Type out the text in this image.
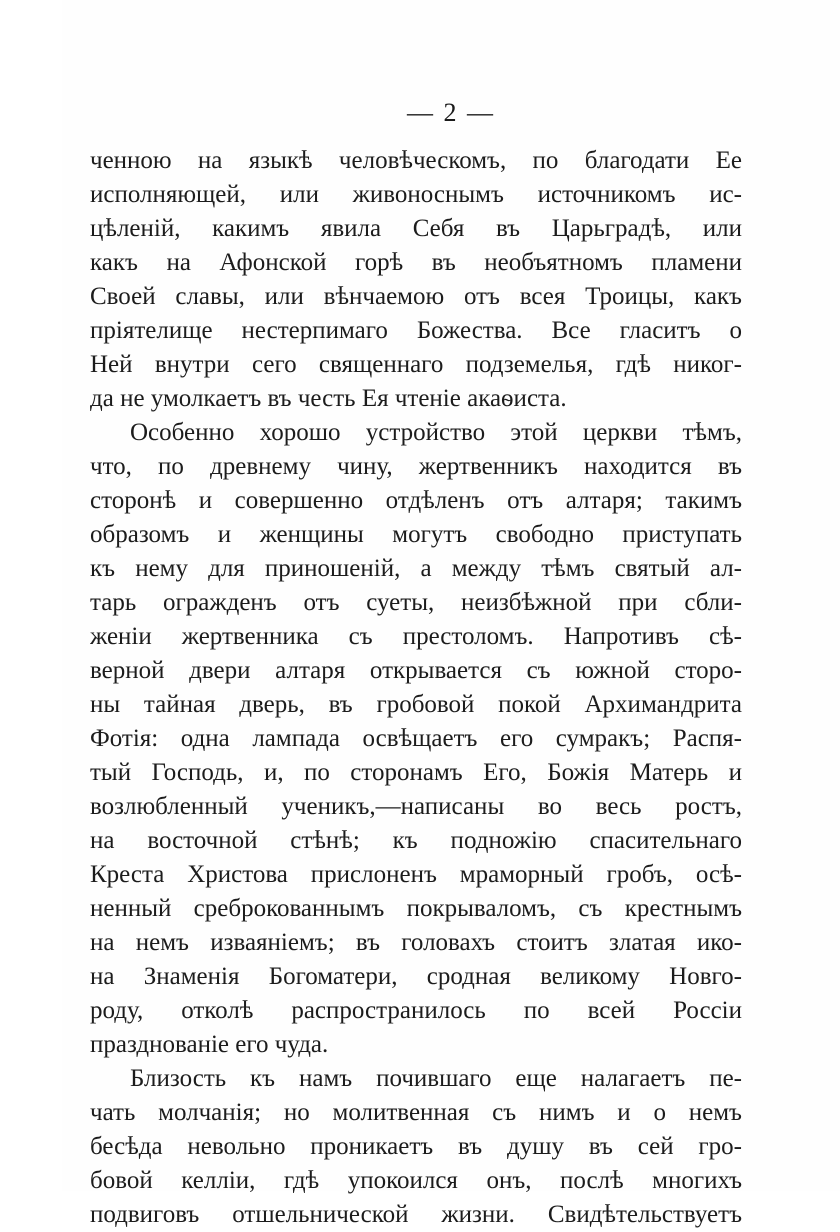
— 2 —

ченною на языкѣ человѣческомъ, по благодати Ее
исполняющей, или живоноснымъ источникомъ ис-
цѣленій, какимъ явила Себя въ Царьградѣ, или
какъ на Афонской горѣ въ необъятномъ пламени
Своей славы, или вѣнчаемою отъ всея Троицы, какъ
пріятелище нестерпимаго Божества. Все гласитъ о
Ней внутри сего священнаго подземелья, гдѣ никог-
да не умолкаетъ въ честь Ея чтеніе акаѳиста.
Особенно хорошо устройство этой церкви тѣмъ,
что, по древнему чину, жертвенникъ находится въ
сторонѣ и совершенно отдѣленъ отъ алтаря; такимъ
образомъ и женщины могутъ свободно приступать
къ нему для приношеній, а между тѣмъ святый ал-
тарь огражденъ отъ суеты, неизбѣжной при сбли-
женіи жертвенника съ престоломъ. Напротивъ сѣ-
верной двери алтаря открывается съ южной сторо-
ны тайная дверь, въ гробовой покой Архимандрита
Фотія: одна лампада освѣщаетъ его сумракъ; Распя-
тый Господь, и, по сторонамъ Его, Божія Матерь и
возлюбленный ученикъ,—написаны во весь ростъ,
на восточной стѣнѣ; къ подножію спасительнаго
Креста Христова прислоненъ мраморный гробъ, осѣ-
ненный среброкованнымъ покрываломъ, съ крестнымъ
на немъ изваяніемъ; въ головахъ стоитъ златая ико-
на Знаменія Богоматери, сродная великому Новго-
роду, отколѣ распространилось по всей Россіи
празднованіе его чуда.
Близость къ намъ почившаго еще налагаетъ пе-
чать молчанія; но молитвенная съ нимъ и о немъ
бесѣда невольно проникаетъ въ душу въ сей гро-
бовой келліи, гдѣ упокоился онъ, послѣ многихъ
подвиговъ отшельнической жизни. Свидѣтельствуетъ
